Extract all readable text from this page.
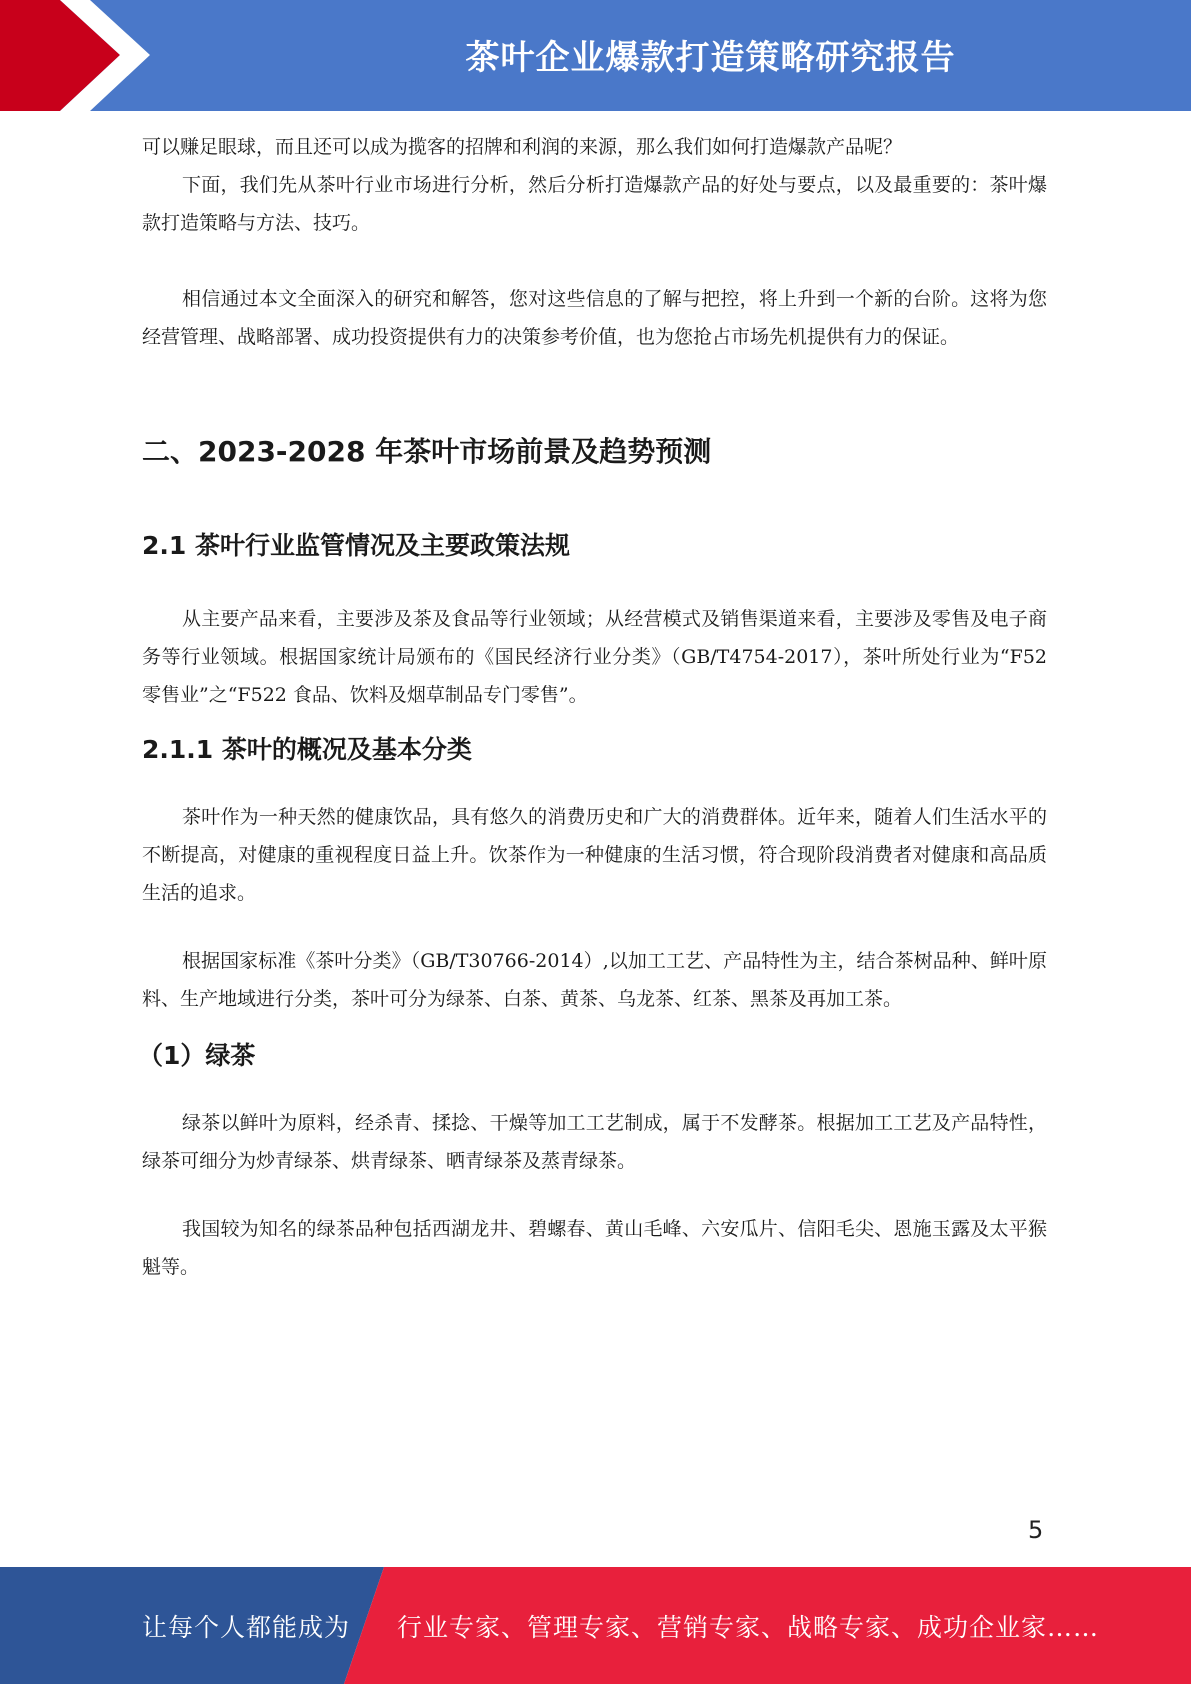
茶叶企业爆款打造策略研究报告

可以赚足眼球，而且还可以成为揽客的招牌和利润的来源，那么我们如何打造爆款产品呢？

下面，我们先从茶叶行业市场进行分析，然后分析打造爆款产品的好处与要点，以及最重要的：茶叶爆款打造策略与方法、技巧。

相信通过本文全面深入的研究和解答，您对这些信息的了解与把控，将上升到一个新的台阶。这将为您经营管理、战略部署、成功投资提供有力的决策参考价值，也为您抢占市场先机提供有力的保证。

二、2023-2028 年茶叶市场前景及趋势预测
2.1 茶叶行业监管情况及主要政策法规

从主要产品来看，主要涉及茶及食品等行业领域；从经营模式及销售渠道来看，主要涉及零售及电子商务等行业领域。根据国家统计局颁布的《国民经济行业分类》（GB/T4754-2017），茶叶所处行业为“F52 零售业”之“F522 食品、饮料及烟草制品专门零售”。

2.1.1 茶叶的概况及基本分类

茶叶作为一种天然的健康饮品，具有悠久的消费历史和广大的消费群体。近年来，随着人们生活水平的不断提高，对健康的重视程度日益上升。饮茶作为一种健康的生活习惯，符合现阶段消费者对健康和高品质生活的追求。

根据国家标准《茶叶分类》（GB/T30766-2014）,以加工工艺、产品特性为主，结合茶树品种、鲜叶原料、生产地域进行分类，茶叶可分为绿茶、白茶、黄茶、乌龙茶、红茶、黑茶及再加工茶。

（1）绿茶

绿茶以鲜叶为原料，经杀青、揉捻、干燥等加工工艺制成，属于不发酵茶。根据加工工艺及产品特性，绿茶可细分为炒青绿茶、烘青绿茶、晒青绿茶及蒸青绿茶。

我国较为知名的绿茶品种包括西湖龙井、碧螺春、黄山毛峰、六安瓜片、信阳毛尖、恩施玉露及太平猴魁等。

5
让每个人都能成为 行业专家、管理专家、营销专家、战略专家、成功企业家……
